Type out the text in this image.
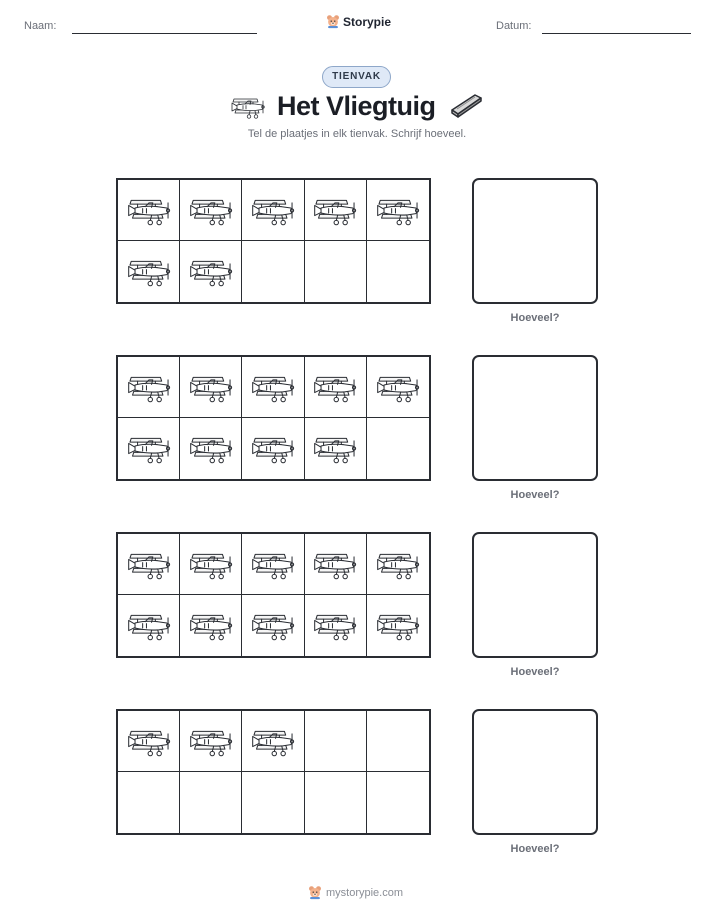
Naam:	Storypie	Datum:
TIENVAK
Het Vliegtuig
Tel de plaatjes in elk tienvak. Schrijf hoeveel.
Hoeveel?
Hoeveel?
Hoeveel?
Hoeveel?
mystorypie.com
